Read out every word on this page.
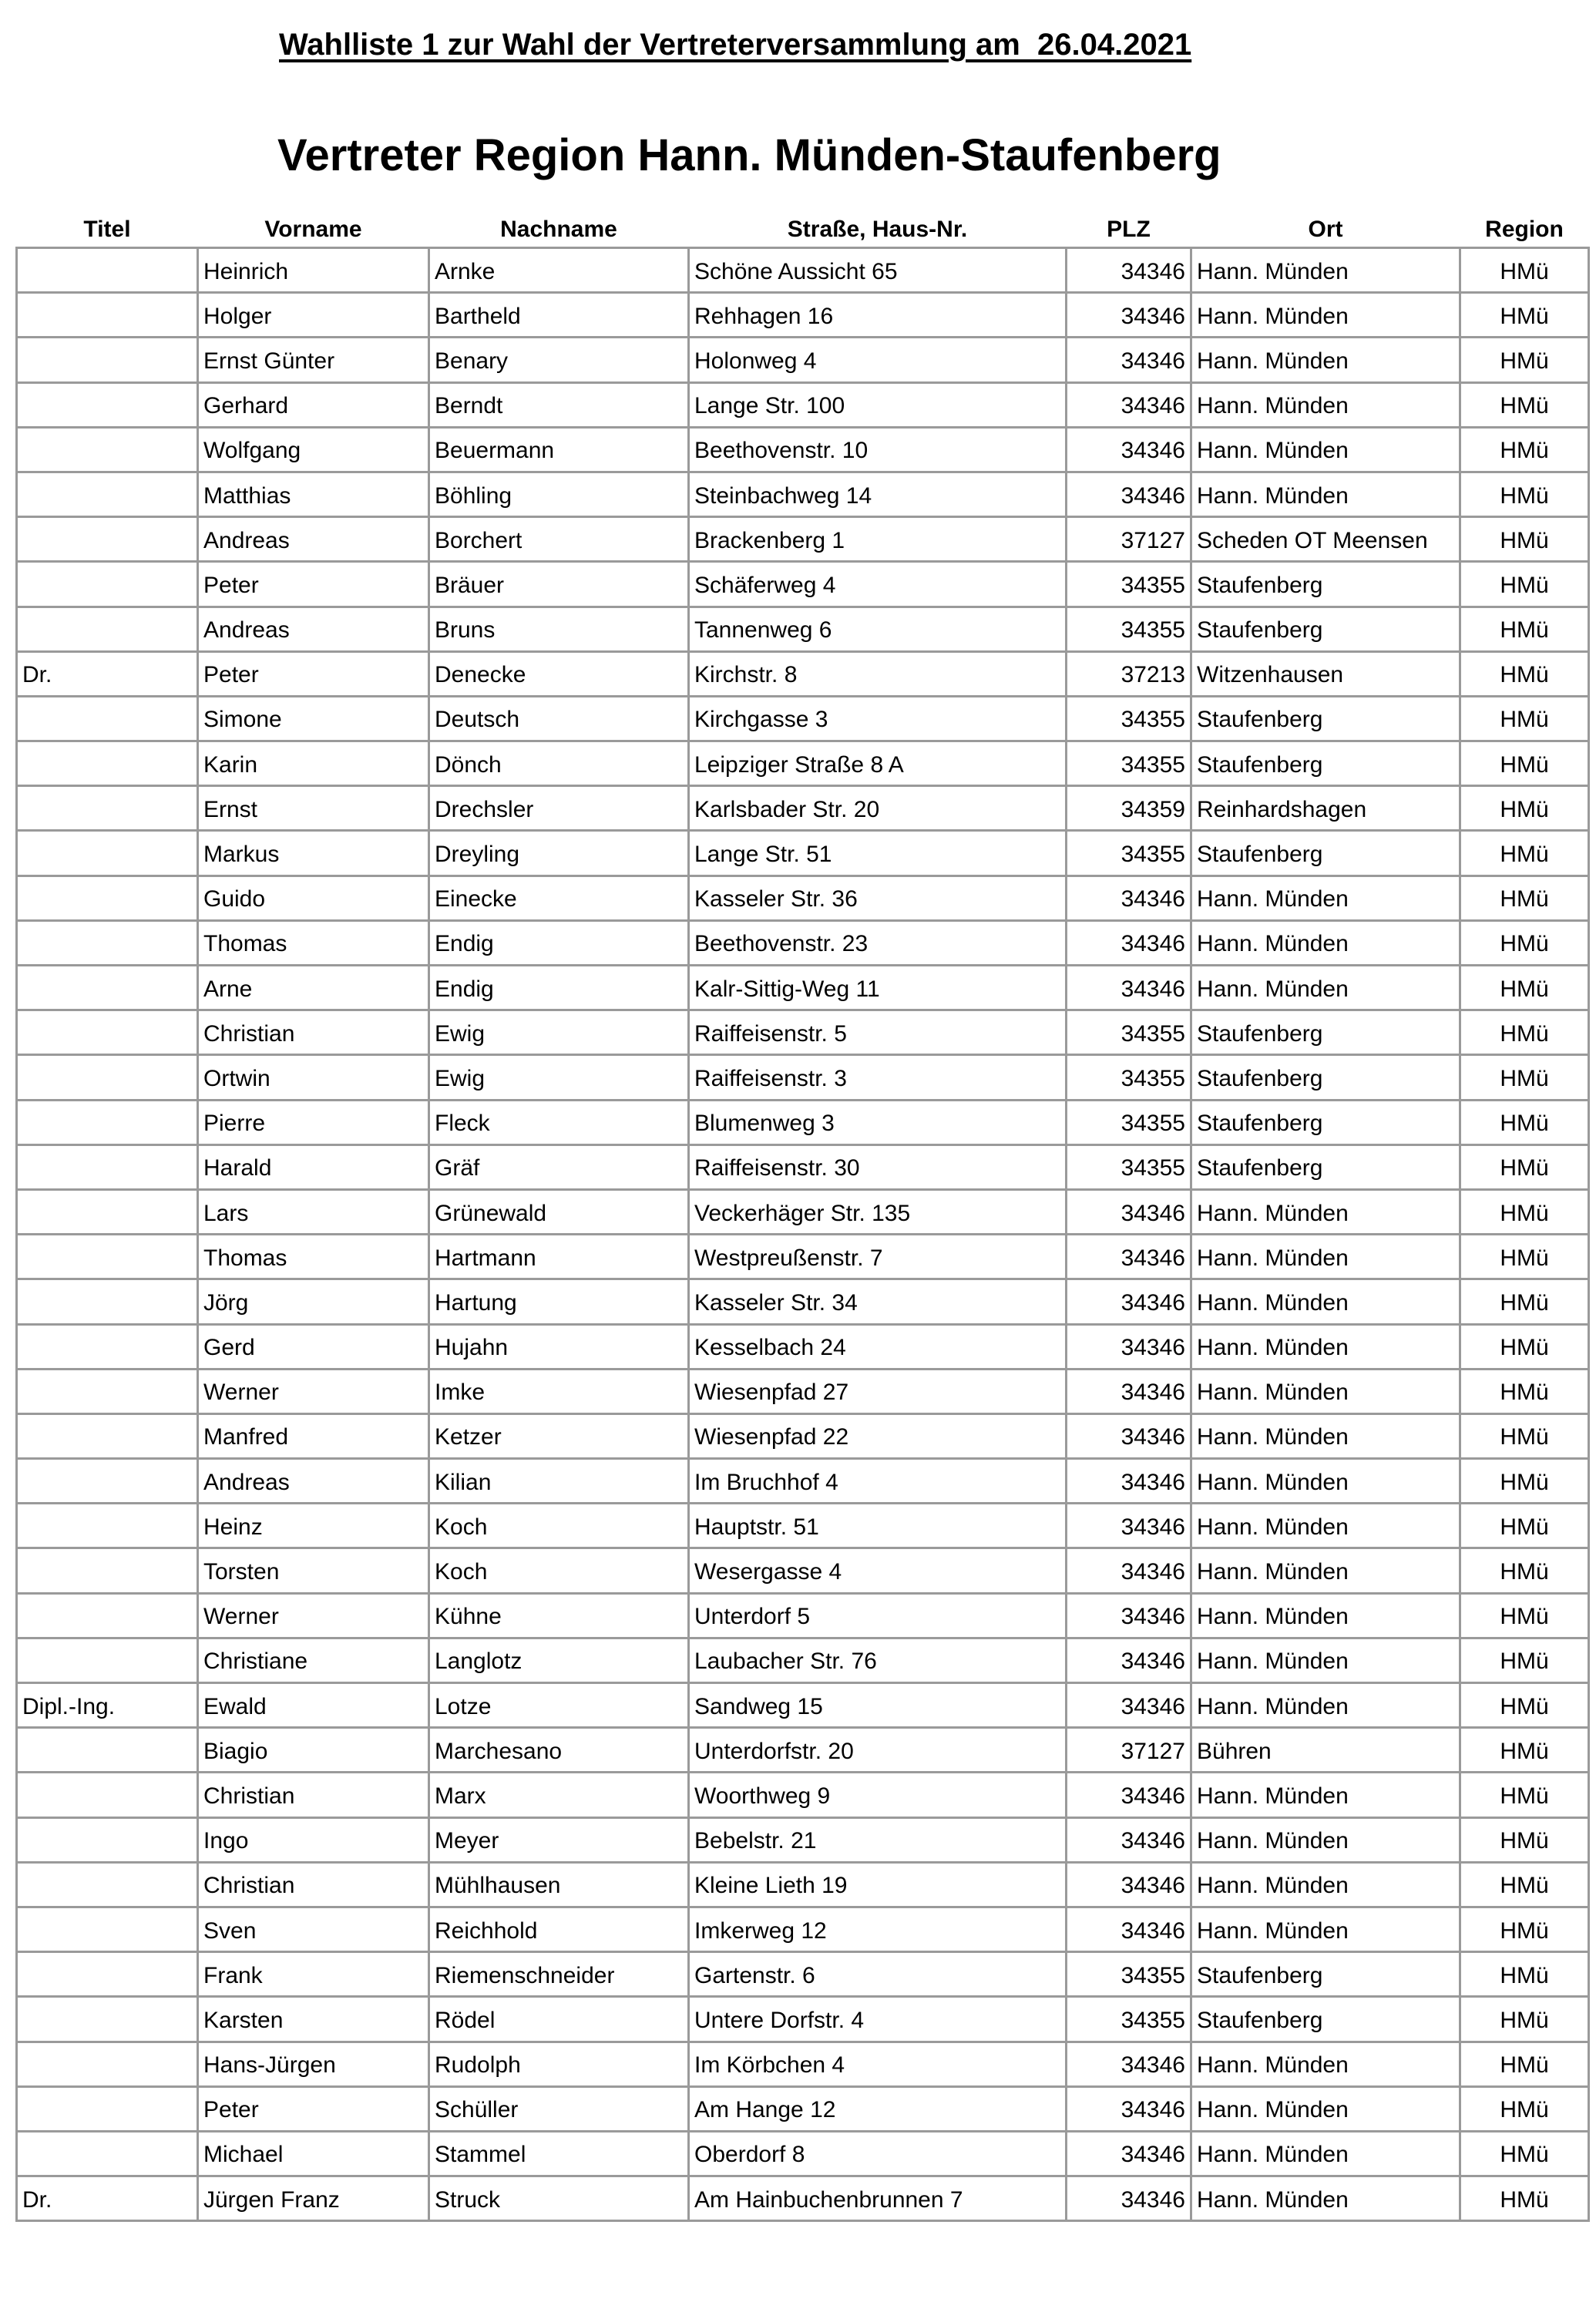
Wahlliste 1 zur Wahl der Vertreterversammlung am  26.04.2021
Vertreter Region Hann. Münden-Staufenberg
Titel	Vorname	Nachname	Straße, Haus-Nr.	PLZ	Ort	Region
	Heinrich	Arnke	Schöne Aussicht 65	34346	Hann. Münden	HMü
	Holger	Bartheld	Rehhagen 16	34346	Hann. Münden	HMü
	Ernst Günter	Benary	Holonweg 4	34346	Hann. Münden	HMü
	Gerhard	Berndt	Lange Str. 100	34346	Hann. Münden	HMü
	Wolfgang	Beuermann	Beethovenstr. 10	34346	Hann. Münden	HMü
	Matthias	Böhling	Steinbachweg 14	34346	Hann. Münden	HMü
	Andreas	Borchert	Brackenberg 1	37127	Scheden OT Meensen	HMü
	Peter	Bräuer	Schäferweg 4	34355	Staufenberg	HMü
	Andreas	Bruns	Tannenweg 6	34355	Staufenberg	HMü
Dr.	Peter	Denecke	Kirchstr. 8	37213	Witzenhausen	HMü
	Simone	Deutsch	Kirchgasse 3	34355	Staufenberg	HMü
	Karin	Dönch	Leipziger Straße 8 A	34355	Staufenberg	HMü
	Ernst	Drechsler	Karlsbader Str. 20	34359	Reinhardshagen	HMü
	Markus	Dreyling	Lange Str. 51	34355	Staufenberg	HMü
	Guido	Einecke	Kasseler Str. 36	34346	Hann. Münden	HMü
	Thomas	Endig	Beethovenstr. 23	34346	Hann. Münden	HMü
	Arne	Endig	Kalr-Sittig-Weg 11	34346	Hann. Münden	HMü
	Christian	Ewig	Raiffeisenstr. 5	34355	Staufenberg	HMü
	Ortwin	Ewig	Raiffeisenstr. 3	34355	Staufenberg	HMü
	Pierre	Fleck	Blumenweg 3	34355	Staufenberg	HMü
	Harald	Gräf	Raiffeisenstr. 30	34355	Staufenberg	HMü
	Lars	Grünewald	Veckerhäger Str. 135	34346	Hann. Münden	HMü
	Thomas	Hartmann	Westpreußenstr. 7	34346	Hann. Münden	HMü
	Jörg	Hartung	Kasseler Str. 34	34346	Hann. Münden	HMü
	Gerd	Hujahn	Kesselbach 24	34346	Hann. Münden	HMü
	Werner	Imke	Wiesenpfad 27	34346	Hann. Münden	HMü
	Manfred	Ketzer	Wiesenpfad 22	34346	Hann. Münden	HMü
	Andreas	Kilian	Im Bruchhof 4	34346	Hann. Münden	HMü
	Heinz	Koch	Hauptstr. 51	34346	Hann. Münden	HMü
	Torsten	Koch	Wesergasse 4	34346	Hann. Münden	HMü
	Werner	Kühne	Unterdorf 5	34346	Hann. Münden	HMü
	Christiane	Langlotz	Laubacher Str. 76	34346	Hann. Münden	HMü
Dipl.-Ing.	Ewald	Lotze	Sandweg 15	34346	Hann. Münden	HMü
	Biagio	Marchesano	Unterdorfstr. 20	37127	Bühren	HMü
	Christian	Marx	Woorthweg 9	34346	Hann. Münden	HMü
	Ingo	Meyer	Bebelstr. 21	34346	Hann. Münden	HMü
	Christian	Mühlhausen	Kleine Lieth 19	34346	Hann. Münden	HMü
	Sven	Reichhold	Imkerweg 12	34346	Hann. Münden	HMü
	Frank	Riemenschneider	Gartenstr. 6	34355	Staufenberg	HMü
	Karsten	Rödel	Untere Dorfstr. 4	34355	Staufenberg	HMü
	Hans-Jürgen	Rudolph	Im Körbchen 4	34346	Hann. Münden	HMü
	Peter	Schüller	Am Hange 12	34346	Hann. Münden	HMü
	Michael	Stammel	Oberdorf 8	34346	Hann. Münden	HMü
Dr.	Jürgen Franz	Struck	Am Hainbuchenbrunnen 7	34346	Hann. Münden	HMü
